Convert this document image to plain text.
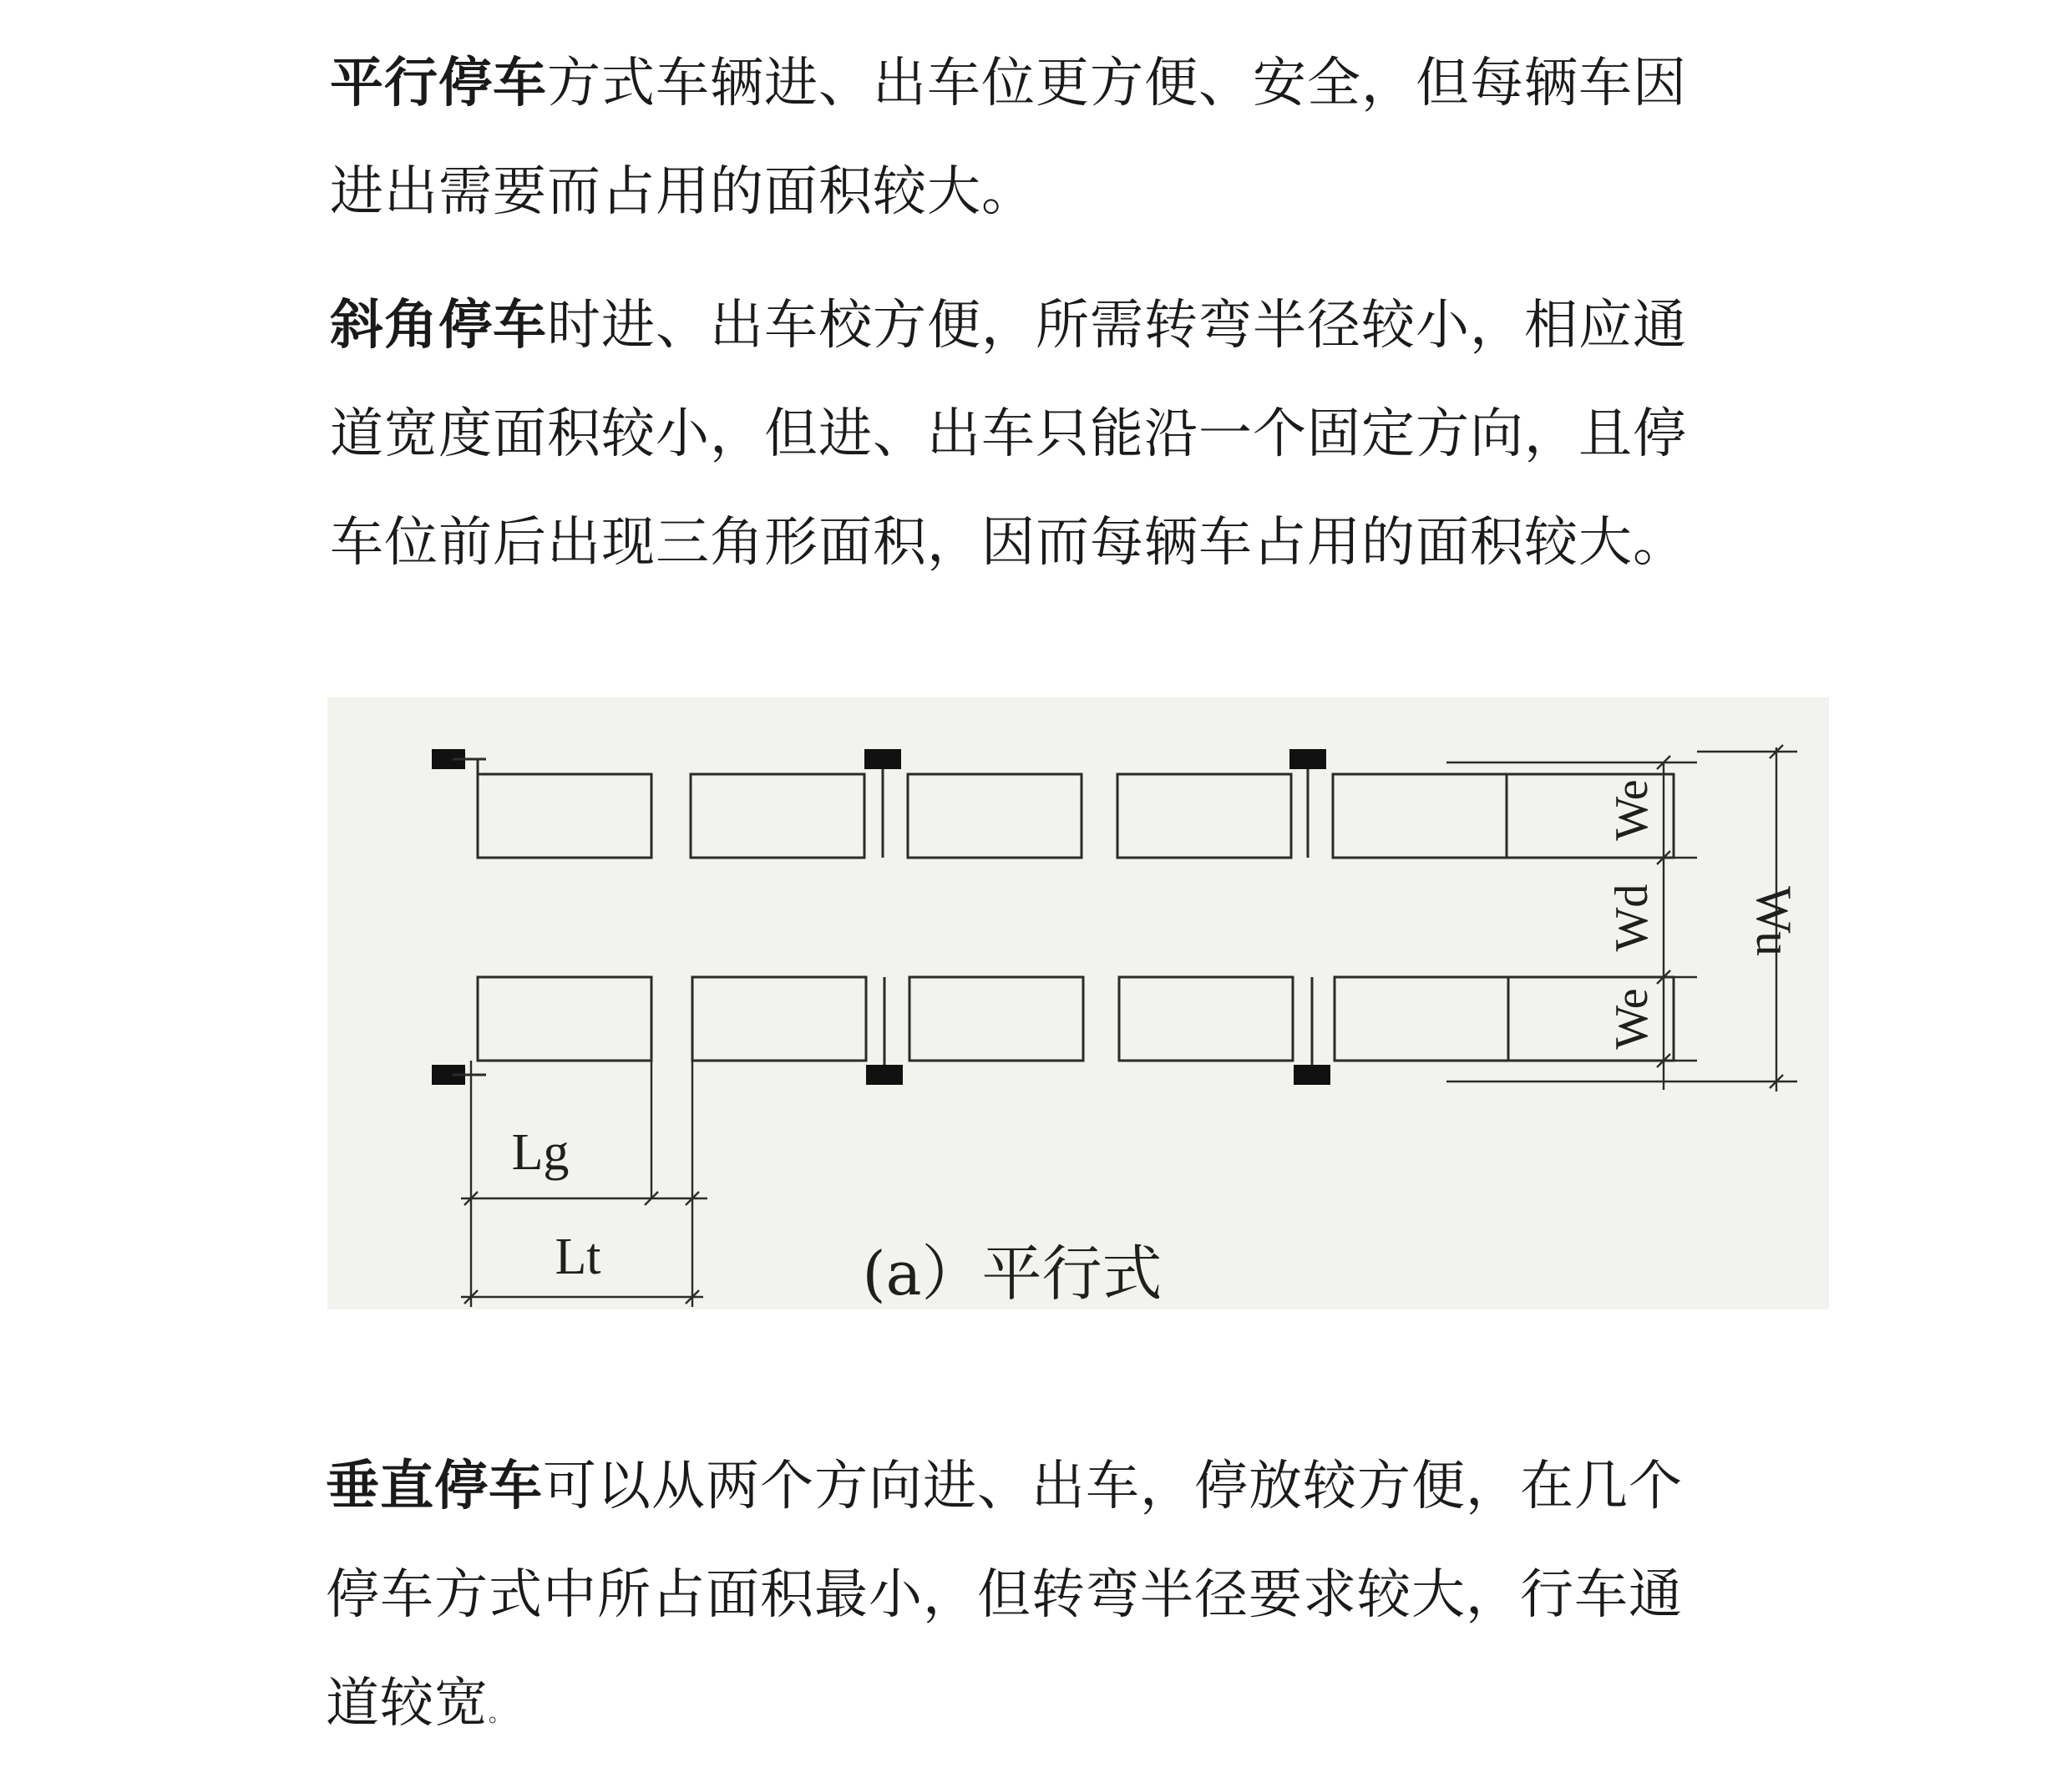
平行停车方式车辆进、出车位更方便、安全，但每辆车因
进出需要而占用的面积较大。

斜角停车时进、出车校方便，所需转弯半径较小，相应通
道宽度面积较小，但进、出车只能沿一个固定方向，且停
车位前后出现三角形面积，因而每辆车占用的面积较大。

Lg
Lt
We
Wd
We
Wu
(a）平行式

垂直停车可以从两个方向进、出车，停放较方便，在几个
停车方式中所占面积最小，但转弯半径要求较大，行车通
道较宽。
